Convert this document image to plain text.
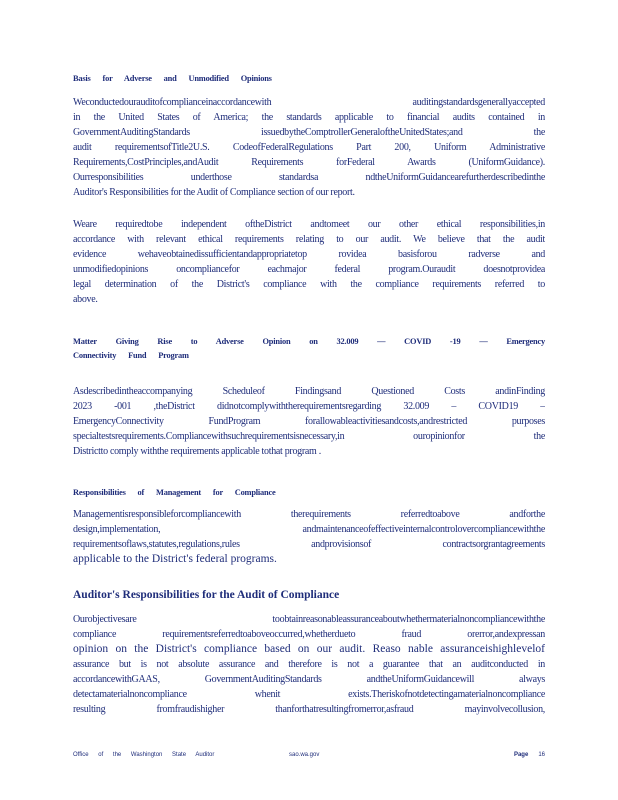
Basis for Adverse and Unmodified Opinions
Weconductedourauditofcomplianceinaccordancewith auditingstandardsgenerallyaccepted
in the United States of America; the standards applicable to financial audits contained in
GovernmentAuditingStandards issuedbytheComptrollerGeneraloftheUnitedStates;and the
audit requirementsofTitle2U.S. CodeofFederalRegulations Part 200, Uniform Administrative
Requirements,CostPrinciples,andAudit Requirements forFederal Awards (UniformGuidance).
Ourresponsibilities underthose standardsa ndtheUniformGuidancearefurtherdescribedinthe
Auditor's Responsibilities for the Audit of Compliance section of our report.
Weare requiredtobe independent oftheDistrict andtomeet our other ethical responsibilities,in
accordance with relevant ethical requirements relating to our audit. We believe that the audit
evidence wehaveobtainedissufficientandappropriatetop rovidea basisforou radverse and
unmodifiedopinions oncompliancefor eachmajor federal program.Ouraudit doesnotprovidea
legal determination of the District's compliance with the compliance requirements referred to
above.
Matter Giving Rise to Adverse Opinion on 32.009 — COVID -19 — Emergency
Connectivity Fund Program
Asdescribedintheaccompanying Scheduleof Findingsand Questioned Costs andinFinding
2023 -001 ,theDistrict didnotcomplywiththerequirementsregarding 32.009 – COVID19 –
EmergencyConnectivity FundProgram forallowableactivitiesandcosts,andrestricted purposes
specialtestsrequirements.Compliancewithsuchrequirementsisnecessary,in ouropinionfor the
Districtto comply withthe requirements applicable tothat program .
Responsibilities of Management for Compliance
Managementisresponsibleforcompliancewith therequirements referredtoabove andforthe
design,implementation, andmaintenanceofeffectiveinternalcontrolovercompliancewiththe
requirementsoflaws,statutes,regulations,rules andprovisionsof contractsorgrantagreements
applicable to the District's federal programs.
Auditor's Responsibilities for the Audit of Compliance
Ourobjectivesare toobtainreasonableassuranceaboutwhethermaterialnoncompliancewiththe
compliance requirementsreferredtoaboveoccurred,whetherdueto fraud orerror,andexpressan
opinion on the District's compliance based on our audit. Reaso nable assuranceishighlevelof
assurance but is not absolute assurance and therefore is not a guarantee that an auditconducted in
accordancewithGAAS, GovernmentAuditingStandards andtheUniformGuidancewill always
detectamaterialnoncompliance whenit exists.Theriskofnotdetectingamaterialnoncompliance
resulting fromfraudishigher thanforthatresultingfromerror,asfraud mayinvolvecollusion,
Office of the Washington State Auditor	sao.wa.gov	Page 16
